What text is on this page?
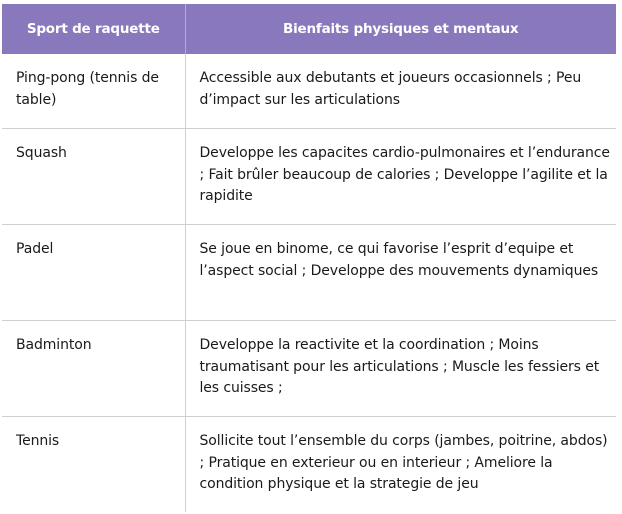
Sport de raquette	Bienfaits physiques et mentaux
Ping-pong (tennis de table)	Accessible aux debutants et joueurs occasionnels ; Peu d’impact sur les articulations
Squash	Developpe les capacites cardio-pulmonaires et l’endurance ; Fait brûler beaucoup de calories ; Developpe l’agilite et la rapidite
Padel	Se joue en binome, ce qui favorise l’esprit d’equipe et l’aspect social ; Developpe des mouvements dynamiques
Badminton	Developpe la reactivite et la coordination ; Moins traumatisant pour les articulations ; Muscle les fessiers et les cuisses ;
Tennis	Sollicite tout l’ensemble du corps (jambes, poitrine, abdos) ; Pratique en exterieur ou en interieur ; Ameliore la condition physique et la strategie de jeu
